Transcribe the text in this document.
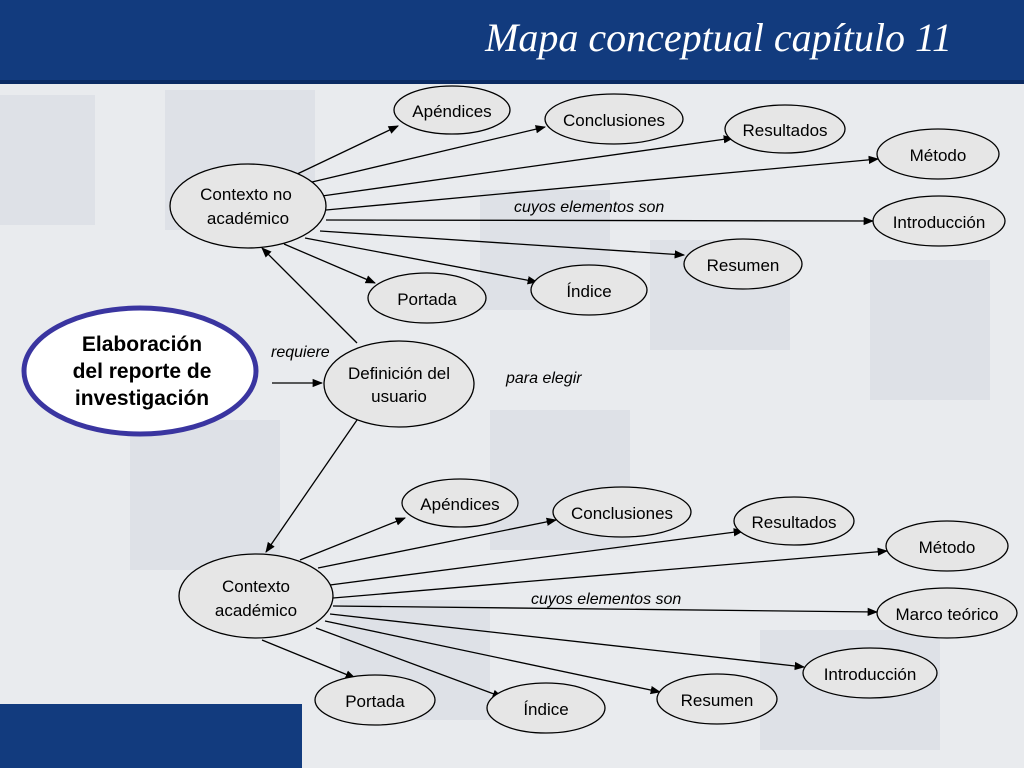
Mapa conceptual capítulo 11
Elaboración
del reporte de
investigación
Definición del
usuario
Contexto no
académico
Contexto
académico
Apéndices	Conclusiones
Resultados
Método
Introducción
Resumen
Índice
Portada
Apéndices	Conclusiones	Resultados
Método
Marco teórico
Introducción
Resumen
Índice
Portada
requiere
para elegir
cuyos elementos son
cuyos elementos son
